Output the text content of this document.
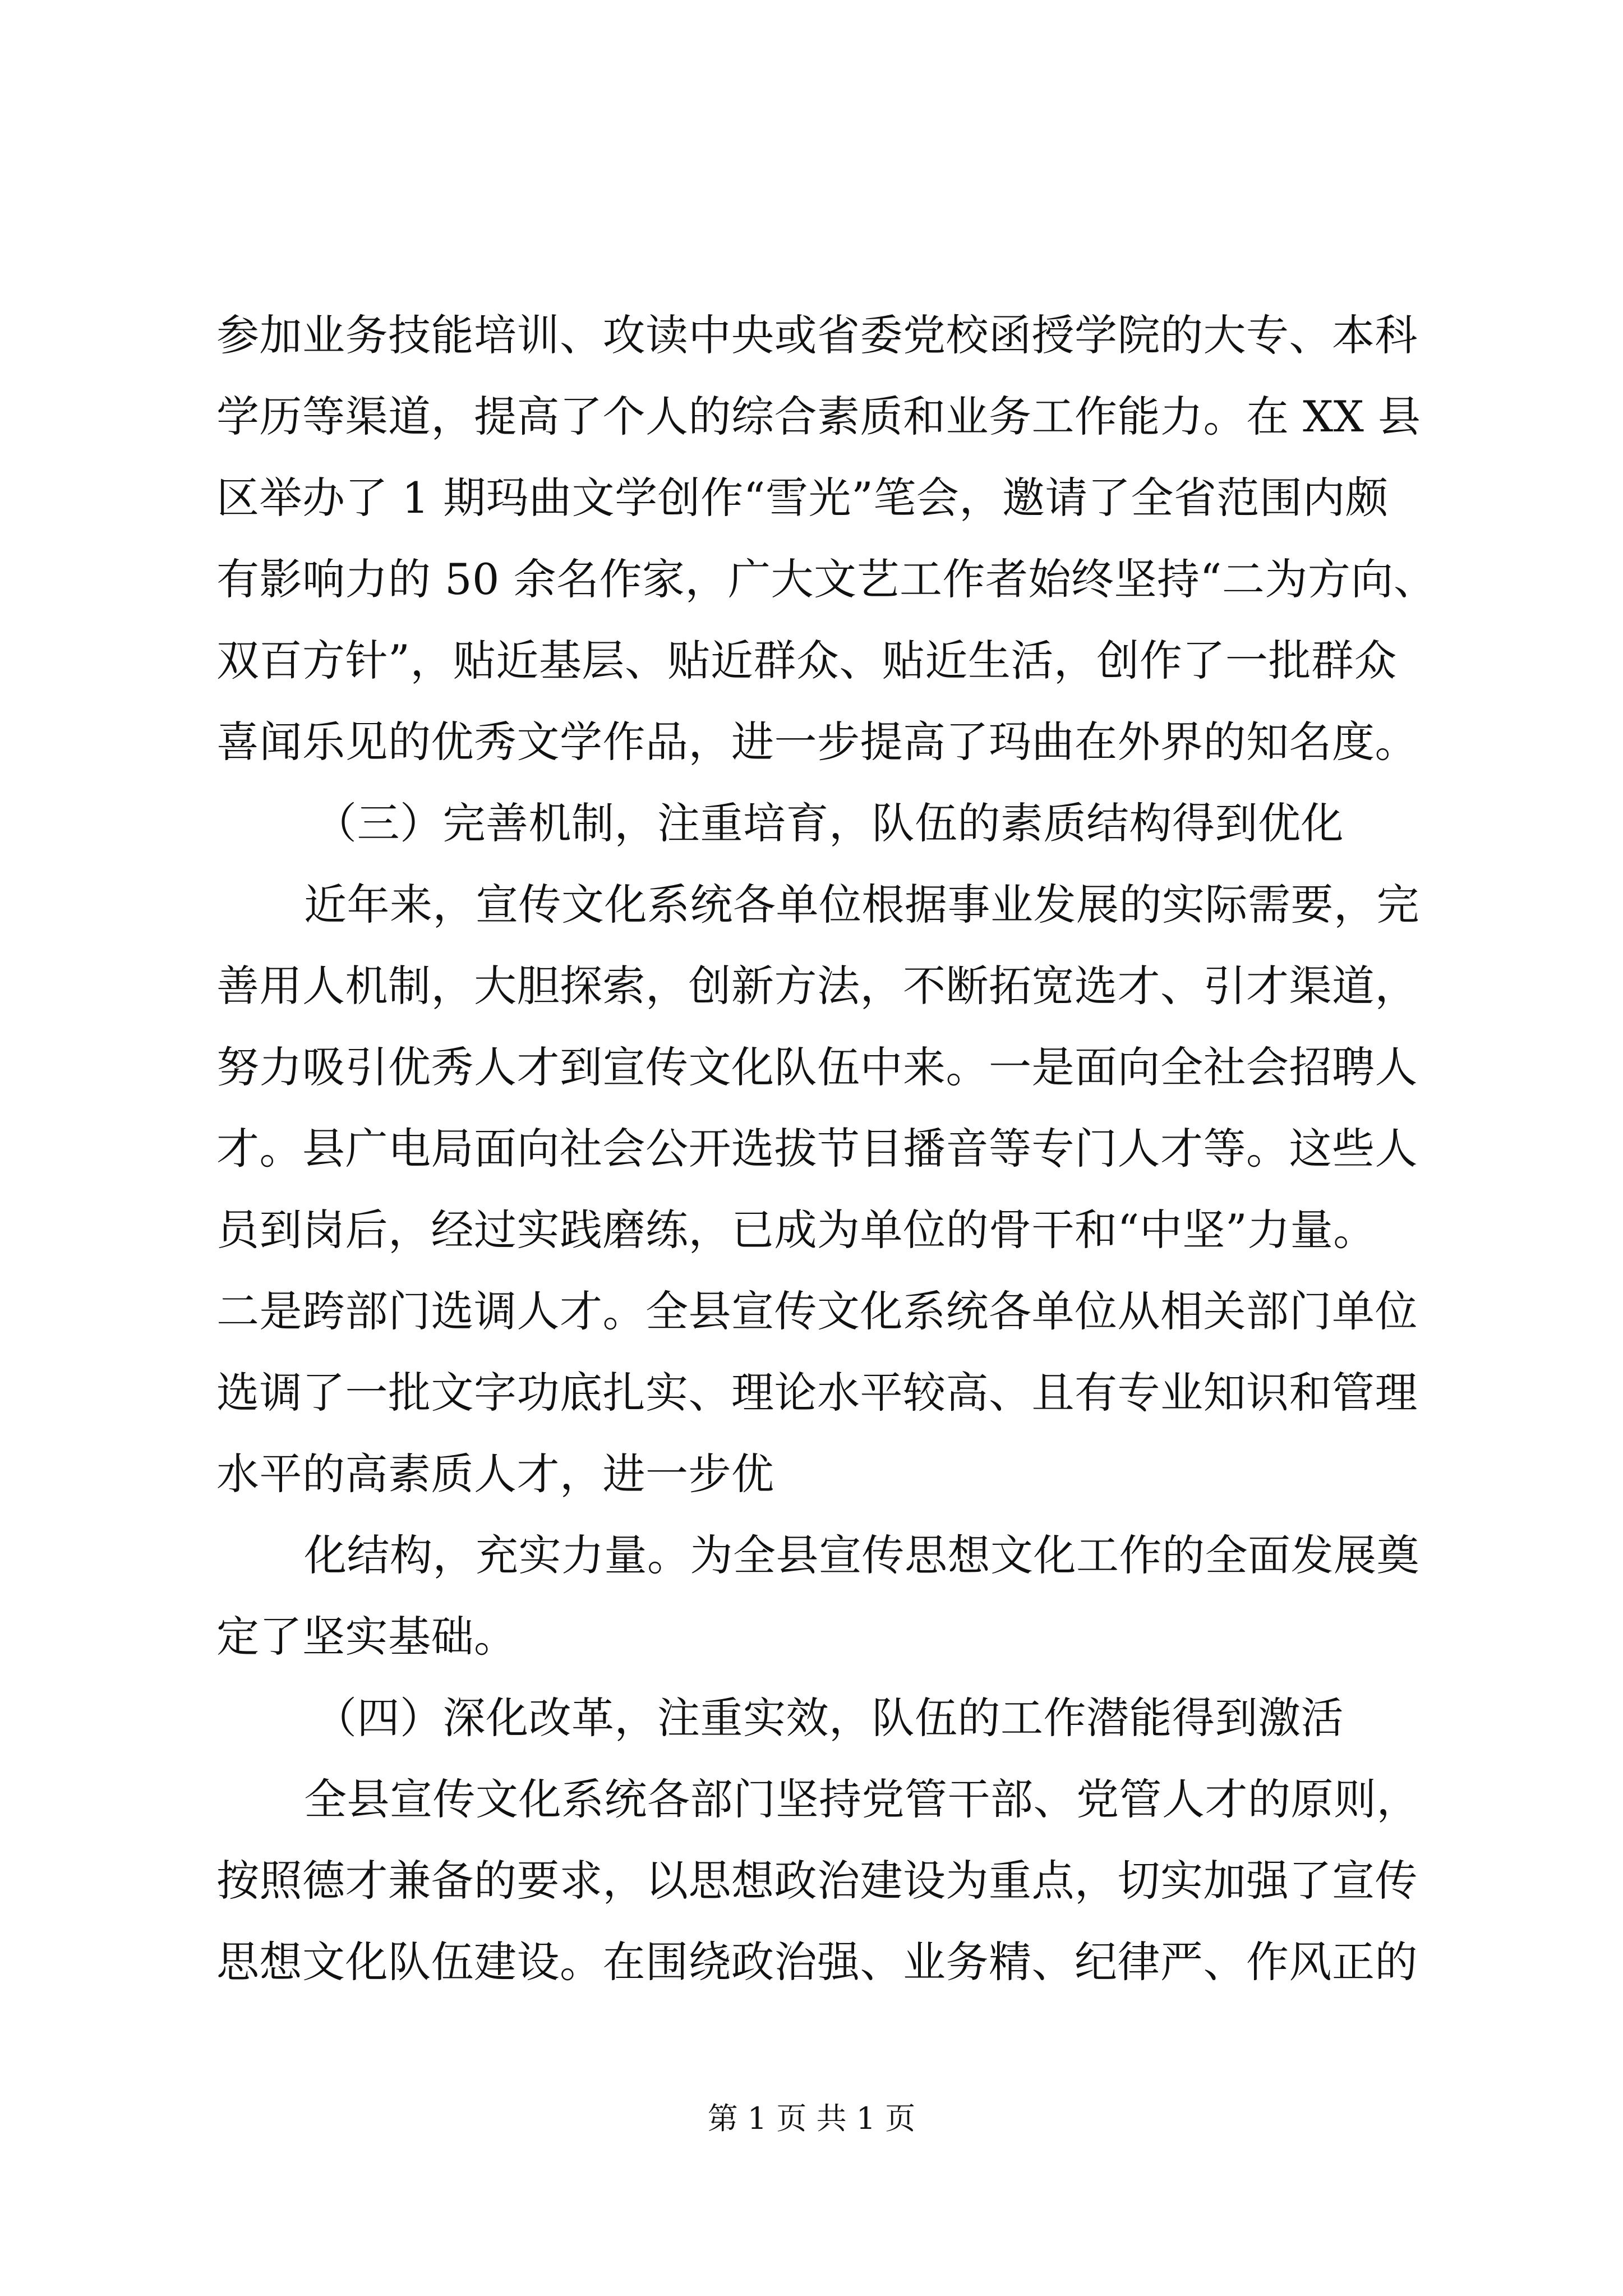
参加业务技能培训、攻读中央或省委党校函授学院的大专、本科
学历等渠道，提高了个人的综合素质和业务工作能力。在 XX 县
区举办了 1 期玛曲文学创作“雪光”笔会，邀请了全省范围内颇
有影响力的 50 余名作家，广大文艺工作者始终坚持“二为方向、
双百方针”，贴近基层、贴近群众、贴近生活，创作了一批群众
喜闻乐见的优秀文学作品，进一步提高了玛曲在外界的知名度。
（三）完善机制，注重培育，队伍的素质结构得到优化
近年来，宣传文化系统各单位根据事业发展的实际需要，完
善用人机制，大胆探索，创新方法，不断拓宽选才、引才渠道，
努力吸引优秀人才到宣传文化队伍中来。一是面向全社会招聘人
才。县广电局面向社会公开选拔节目播音等专门人才等。这些人
员到岗后，经过实践磨练，已成为单位的骨干和“中坚”力量。
二是跨部门选调人才。全县宣传文化系统各单位从相关部门单位
选调了一批文字功底扎实、理论水平较高、且有专业知识和管理
水平的高素质人才，进一步优
化结构，充实力量。为全县宣传思想文化工作的全面发展奠
定了坚实基础。
（四）深化改革，注重实效，队伍的工作潜能得到激活
全县宣传文化系统各部门坚持党管干部、党管人才的原则，
按照德才兼备的要求，以思想政治建设为重点，切实加强了宣传
思想文化队伍建设。在围绕政治强、业务精、纪律严、作风正的
第 1 页 共 1 页
